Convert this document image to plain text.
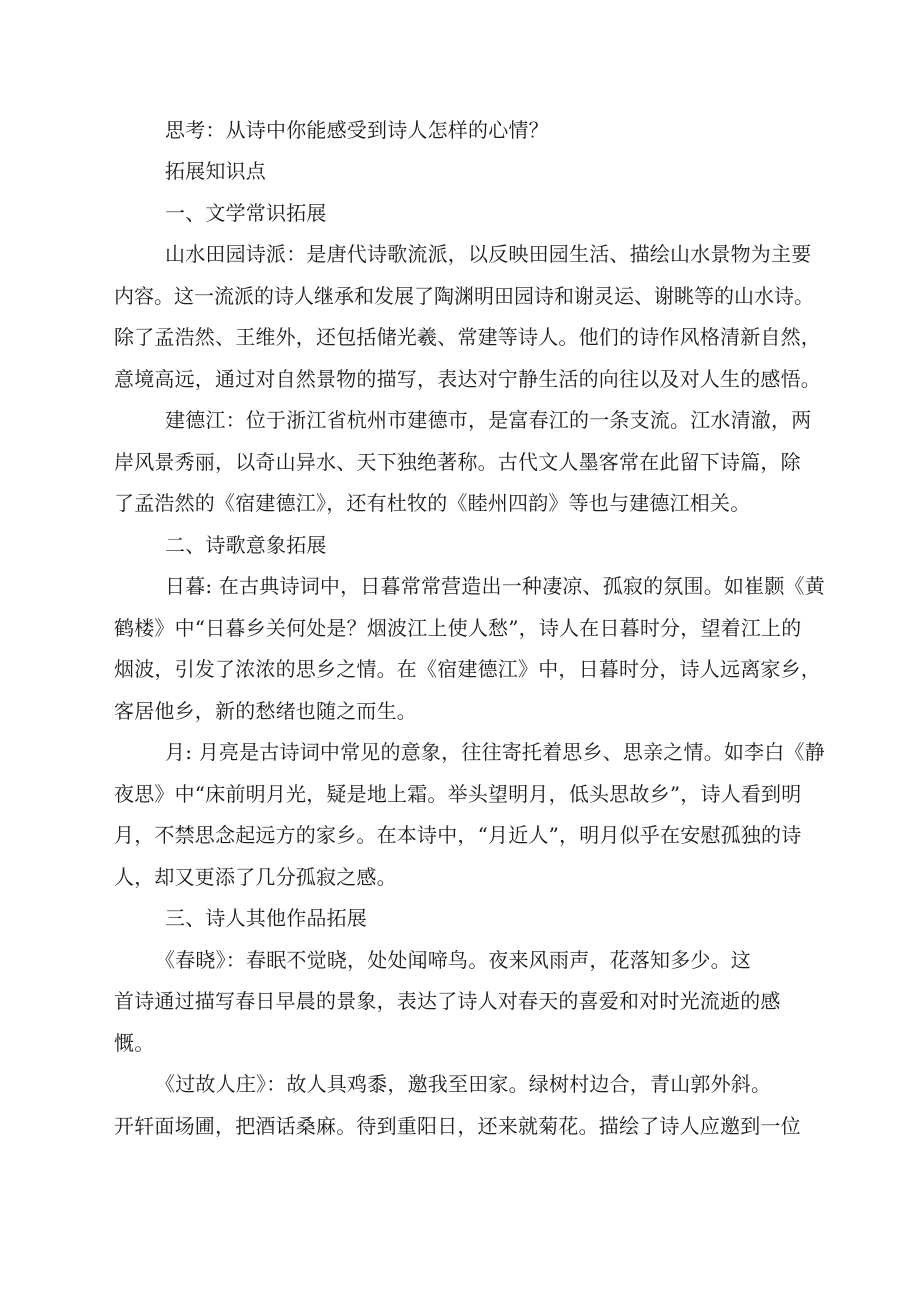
思考：从诗中你能感受到诗人怎样的心情？
拓展知识点
一、文学常识拓展
山水田园诗派：是唐代诗歌流派，以反映田园生活、描绘山水景物为主要
内容。这一流派的诗人继承和发展了陶渊明田园诗和谢灵运、谢眺等的山水诗。
除了孟浩然、王维外，还包括储光羲、常建等诗人。他们的诗作风格清新自然，
意境高远，通过对自然景物的描写，表达对宁静生活的向往以及对人生的感悟。
建德江：位于浙江省杭州市建德市，是富春江的一条支流。江水清澈，两
岸风景秀丽，以奇山异水、天下独绝著称。古代文人墨客常在此留下诗篇，除
了孟浩然的《宿建德江》，还有杜牧的《睦州四韵》等也与建德江相关。
二、诗歌意象拓展
日暮: 在古典诗词中，日暮常常营造出一种凄凉、孤寂的氛围。如崔颢《黄
鹤楼》中“日暮乡关何处是？烟波江上使人愁”，诗人在日暮时分，望着江上的
烟波，引发了浓浓的思乡之情。在《宿建德江》中，日暮时分，诗人远离家乡，
客居他乡，新的愁绪也随之而生。
月: 月亮是古诗词中常见的意象，往往寄托着思乡、思亲之情。如李白《静
夜思》中“床前明月光，疑是地上霜。举头望明月，低头思故乡”，诗人看到明
月，不禁思念起远方的家乡。在本诗中，“月近人”，明月似乎在安慰孤独的诗
人，却又更添了几分孤寂之感。
三、诗人其他作品拓展
《春晓》：春眠不觉晓，处处闻啼鸟。夜来风雨声，花落知多少。这
首诗通过描写春日早晨的景象，表达了诗人对春天的喜爱和对时光流逝的感
慨。
《过故人庄》：故人具鸡黍，邀我至田家。绿树村边合，青山郭外斜。
开轩面场圃，把酒话桑麻。待到重阳日，还来就菊花。描绘了诗人应邀到一位
